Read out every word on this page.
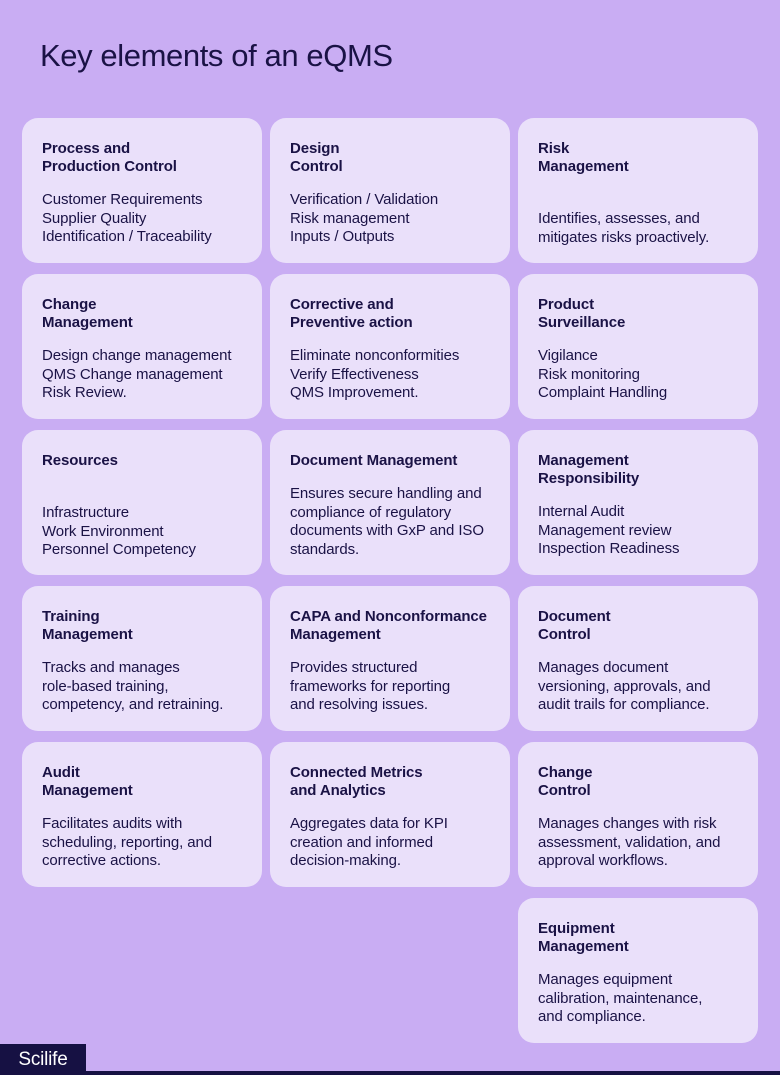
Key elements of an eQMS
Process and
Production Control

Customer Requirements
Supplier Quality
Identification / Traceability

Design
Control

Verification / Validation
Risk management
Inputs / Outputs

Risk
Management

Identifies, assesses, and
mitigates risks proactively.

Change
Management

Design change management
QMS Change management
Risk Review.

Corrective and
Preventive action

Eliminate nonconformities
Verify Effectiveness
QMS Improvement.

Product
Surveillance

Vigilance
Risk monitoring
Complaint Handling

Resources

Infrastructure
Work Environment
Personnel Competency

Document Management

Ensures secure handling and
compliance of regulatory
documents with GxP and ISO
standards.

Management
Responsibility

Internal Audit
Management review
Inspection Readiness

Training
Management

Tracks and manages
role-based training,
competency, and retraining.

CAPA and Nonconformance
Management

Provides structured
frameworks for reporting
and resolving issues.

Document
Control

Manages document
versioning, approvals, and
audit trails for compliance.

Audit
Management

Facilitates audits with
scheduling, reporting, and
corrective actions.

Connected Metrics
and Analytics

Aggregates data for KPI
creation and informed
decision-making.

Change
Control

Manages changes with risk
assessment, validation, and
approval workflows.

Equipment
Management

Manages equipment
calibration, maintenance,
and compliance.

Scilife
